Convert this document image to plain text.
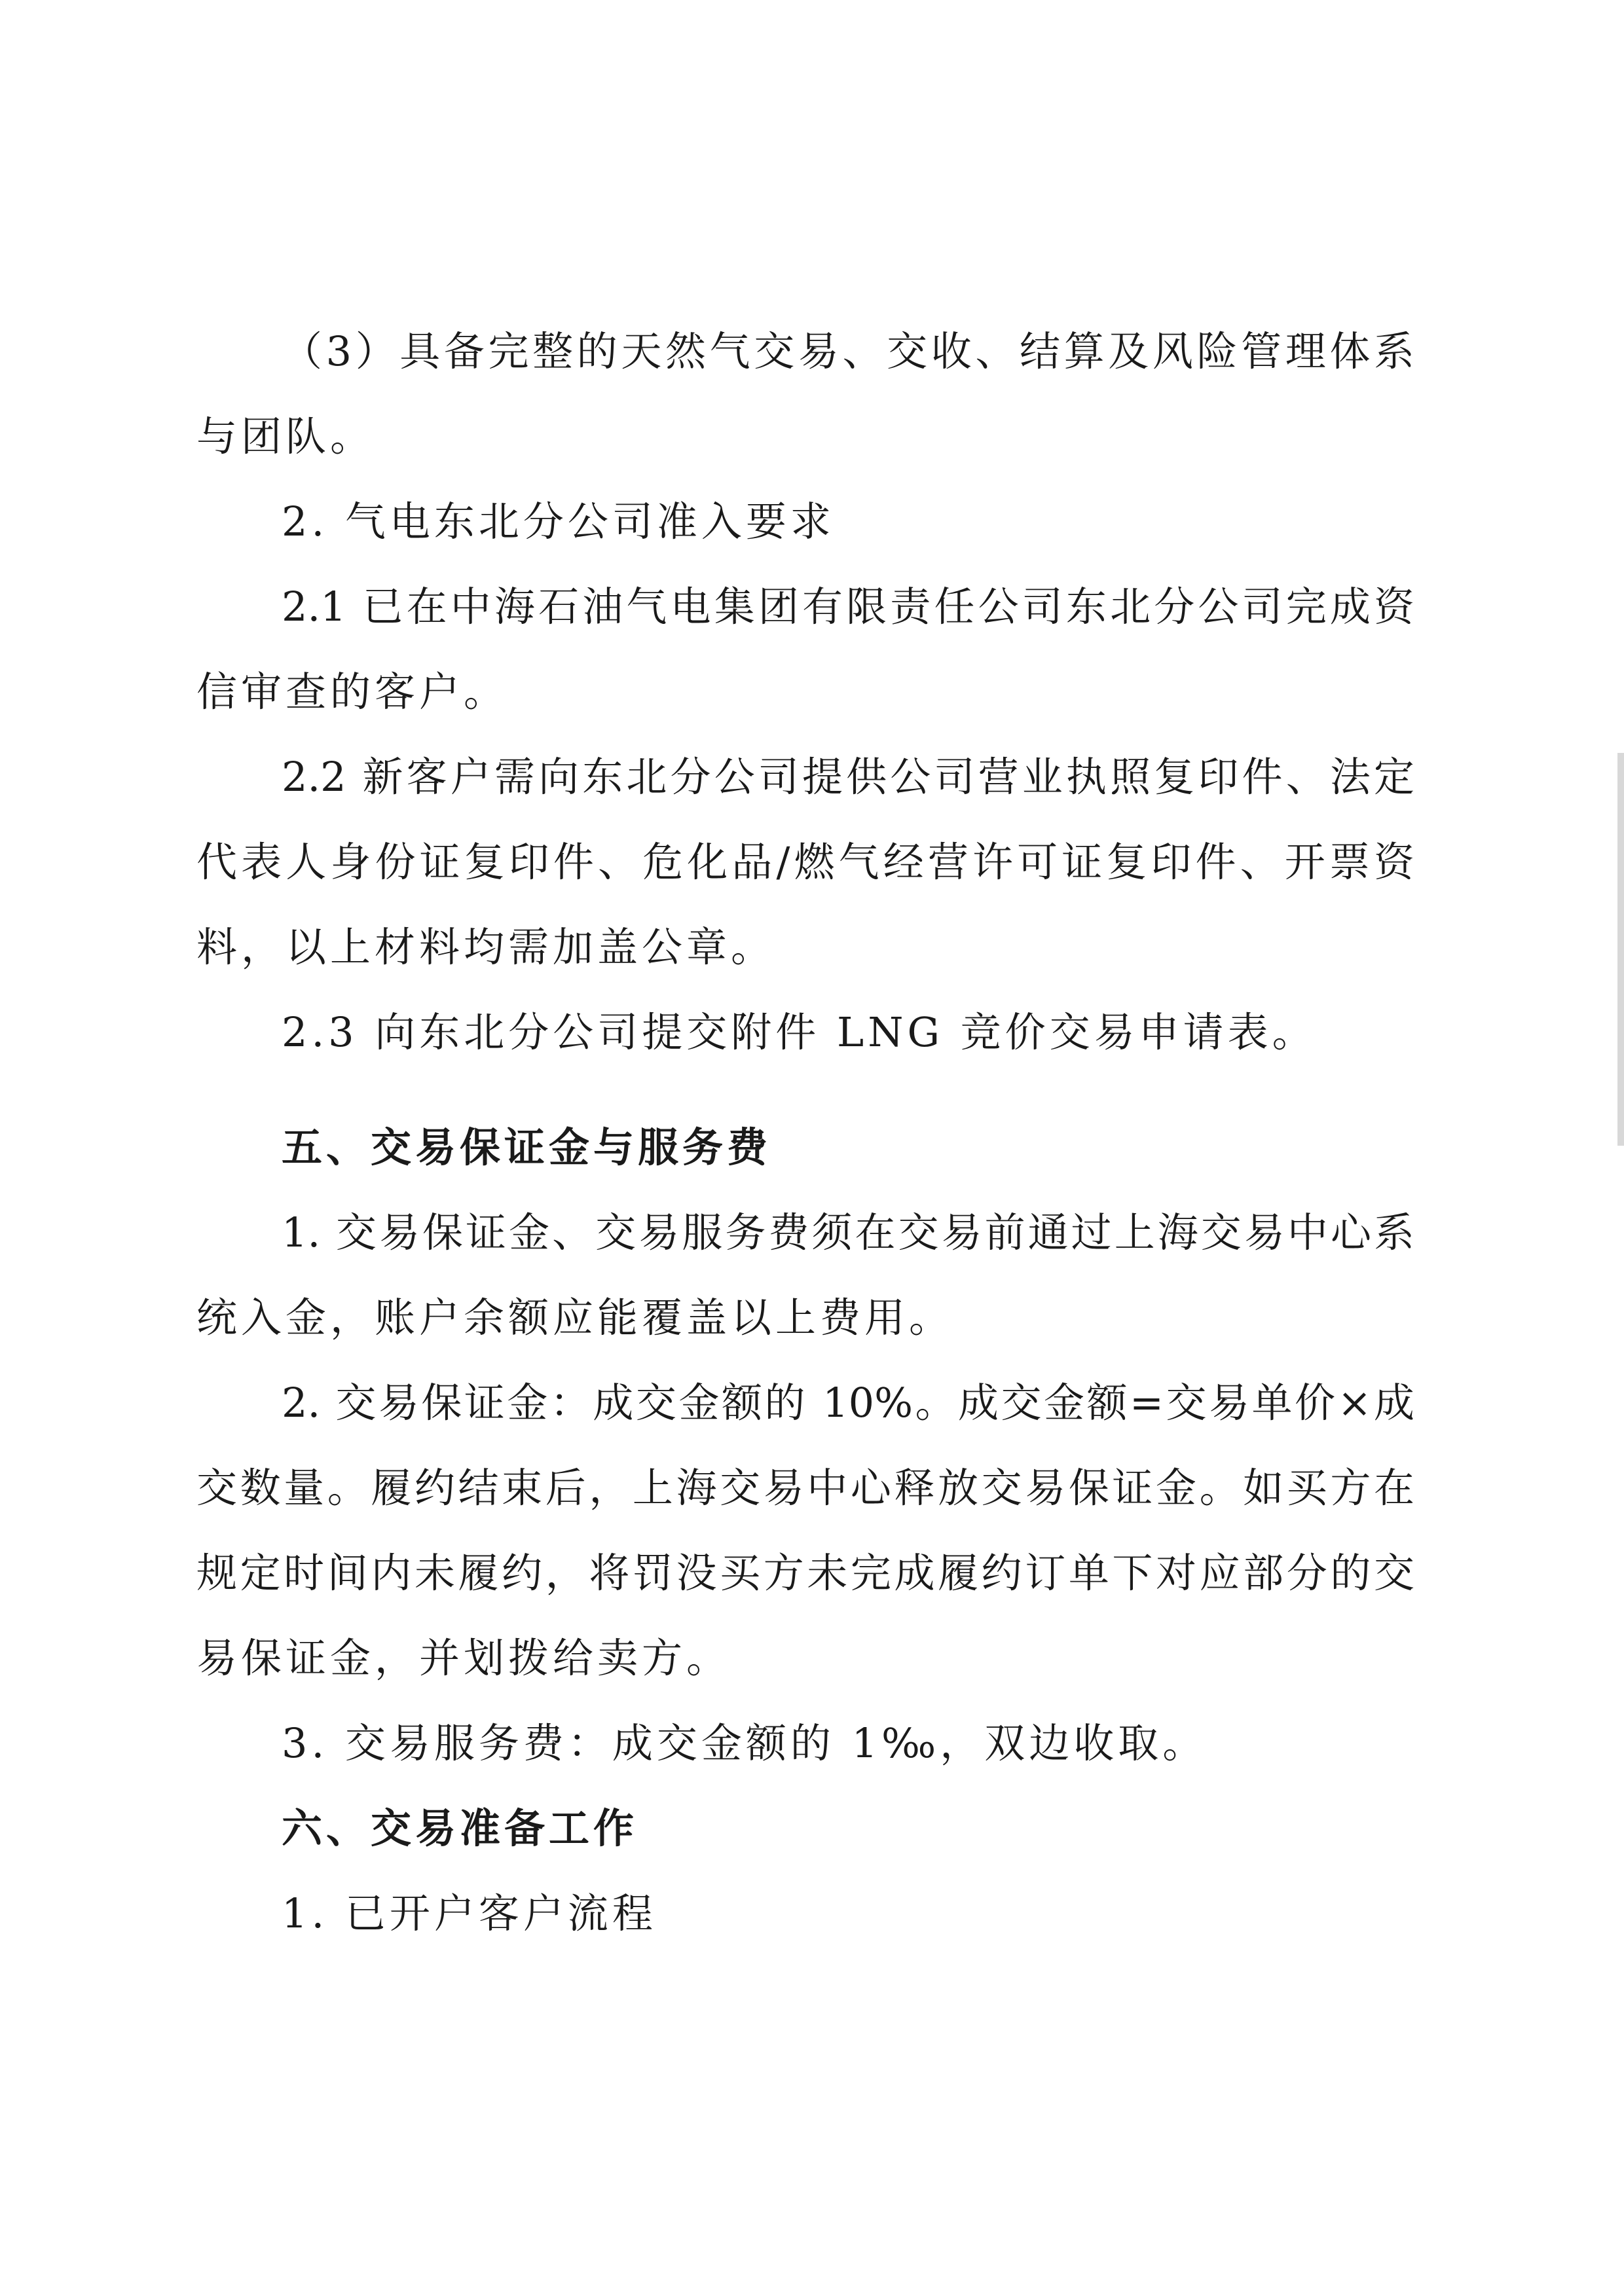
（3）具备完整的天然气交易、交收、结算及风险管理体系
与团队。
2. 气电东北分公司准入要求
2.1 已在中海石油气电集团有限责任公司东北分公司完成资
信审查的客户。
2.2 新客户需向东北分公司提供公司营业执照复印件、法定
代表人身份证复印件、危化品/燃气经营许可证复印件、开票资
料，以上材料均需加盖公章。
2.3 向东北分公司提交附件 LNG 竞价交易申请表。
五、交易保证金与服务费
1. 交易保证金、交易服务费须在交易前通过上海交易中心系
统入金，账户余额应能覆盖以上费用。
2. 交易保证金：成交金额的 10%。成交金额=交易单价×成
交数量。履约结束后，上海交易中心释放交易保证金。如买方在
规定时间内未履约，将罚没买方未完成履约订单下对应部分的交
易保证金，并划拨给卖方。
3. 交易服务费：成交金额的 1‰，双边收取。
六、交易准备工作
1. 已开户客户流程
